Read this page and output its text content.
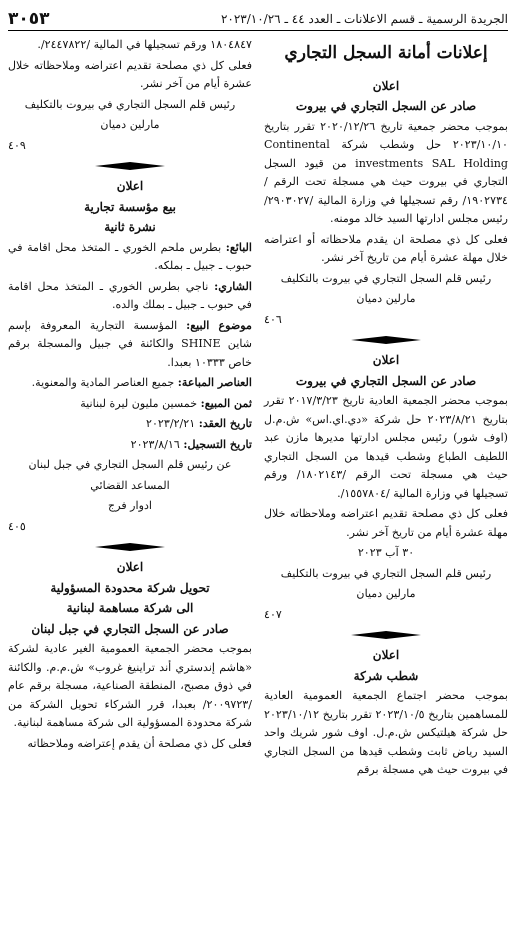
الجريدة الرسمية ـ قسم الاعلانات ـ العدد ٤٤ ـ ٢٠٢٣/١٠/٢٦
٣٠٥٣
إعلانات أمانة السجل التجاري

اعلان

صادر عن السجل التجاري في بيروت

بموجب محضر جمعية تاريخ ٢٠٢٠/١٢/٢٦ تقرر بتاريخ ٢٠٢٣/١٠/١٠ حل وشطب شركة Continental investments SAL Holding من قيود السجل التجاري في بيروت حيث هي مسجلة تحت الرقم /١٩٠٢٧٣٤/ رقم تسجيلها في وزارة المالية /٢٩٠٣٠٢٧/ رئيس مجلس ادارتها السيد خالد مومنه.

فعلى كل ذي مصلحة ان يقدم ملاحظاته أو اعتراضه خلال مهلة عشرة أيام من تاريخ آخر نشر.

رئيس قلم السجل التجاري في بيروت بالتكليف

مارلين دميان

٤٠٦

اعلان

صادر عن السجل التجاري في بيروت

بموجب محضر الجمعية العادية تاريخ ٢٠١٧/٣/٢٣ تقرر بتاريخ ٢٠٢٣/٨/٢١ حل شركة «دي.اي.اس» ش.م.ل (اوف شور) رئيس مجلس ادارتها مديرها مازن عبد اللطيف الطباع وشطب قيدها من السجل التجاري حيث هي مسجلة تحت الرقم /١٨٠٢١٤٣/ ورقم تسجيلها في وزارة المالية /١٥٥٧٨٠٤/.

فعلى كل ذي مصلحة تقديم اعتراضه وملاحظاته خلال مهلة عشرة أيام من تاريخ آخر نشر.

٣٠ آب ٢٠٢٣

رئيس قلم السجل التجاري في بيروت بالتكليف

مارلين دميان

٤٠٧

اعلان

شطب شركة

بموجب محضر اجتماع الجمعية العمومية العادية للمساهمين بتاريخ ٢٠٢٣/١٠/٥ تقرر بتاريخ ٢٠٢٣/١٠/١٢ حل شركة هيلتيكس ش.م.ل. اوف شور شريك واحد السيد رياض ثابت وشطب قيدها من السجل التجاري في بيروت حيث هي مسجلة برقم

١٨٠٤٨٤٧ ورقم تسجيلها في المالية /٢٤٤٧٨٢٢/.

فعلى كل ذي مصلحة تقديم اعتراضه وملاحظاته خلال عشرة أيام من آخر نشر.

رئيس قلم السجل التجاري في بيروت بالتكليف

مارلين دميان

٤٠٩

اعلان

بيع مؤسسة تجارية

نشرة ثانية

البائع: بطرس ملحم الخوري ـ المتخذ محل اقامة في حبوب ـ جبيل ـ بملكه.

الشاري: ناجي بطرس الخوري ـ المتخذ محل اقامة في حبوب ـ جبيل ـ بملك والده.

موضوع البيع: المؤسسة التجارية المعروفة بإسم شاين SHINE والكائنة في جبيل والمسجلة برقم خاص ١٠٣٣٣ بعبدا.

العناصر المباعة: جميع العناصر المادية والمعنوية.

ثمن المبيع: خمسين مليون ليرة لبنانية

تاريخ العقد: ٢٠٢٣/٢/٢١

تاريخ التسجيل: ٢٠٢٣/٨/١٦

عن رئيس قلم السجل التجاري في جبل لبنان

المساعد القضائي

ادوار فرج

٤٠٥

اعلان

تحويل شركة محدودة المسؤولية

الى شركة مساهمة لبنانية

صادر عن السجل التجاري في جبل لبنان

بموجب محضر الجمعية العمومية الغير عادية لشركة «هاشم إندستري أند تراينيغ غروب» ش.م.م. والكائنة في ذوق مصبح، المنطقة الصناعية، مسجلة برقم عام /٢٠٠٩٧٢٣/ بعبدا، قرر الشركاء تحويل الشركة من شركة محدودة المسؤولية الى شركة مساهمة لبنانية.

فعلى كل ذي مصلحة أن يقدم إعتراضه وملاحظاته
